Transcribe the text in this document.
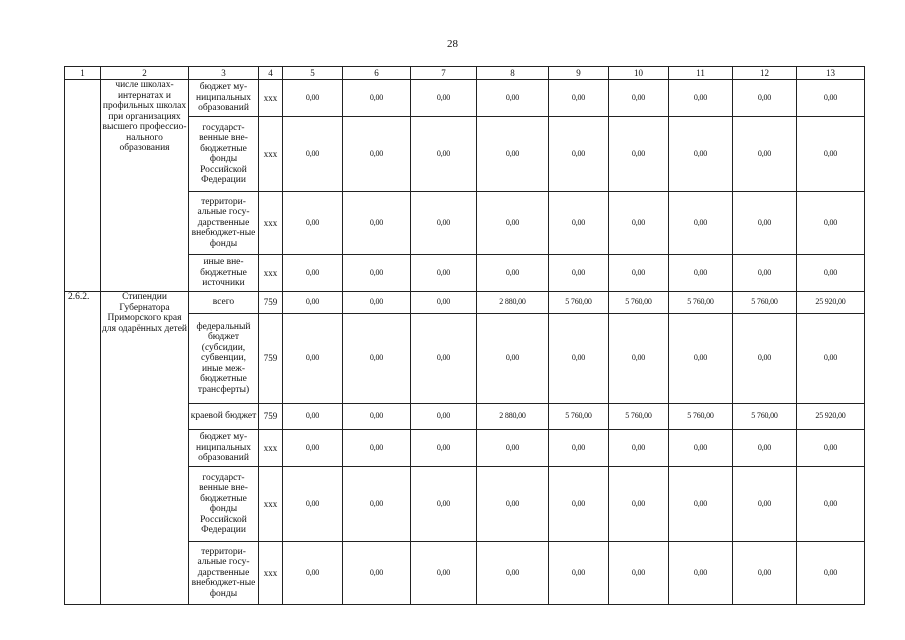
28
1	2	3	4	5	6	7	8	9	10	11	12	13
	числе школах-интернатах и профильных школах при организациях высшего профессио-нального образования	бюджет му-ниципальных образований	ххх	0,00	0,00	0,00	0,00	0,00	0,00	0,00	0,00	0,00
		государст-венные вне-бюджетные фонды Российской Федерации	ххх	0,00	0,00	0,00	0,00	0,00	0,00	0,00	0,00	0,00
		территори-альные госу-дарственные внебюджет-ные фонды	ххх	0,00	0,00	0,00	0,00	0,00	0,00	0,00	0,00	0,00
		иные вне-бюджетные источники	ххх	0,00	0,00	0,00	0,00	0,00	0,00	0,00	0,00	0,00
2.6.2.	Стипендии Губернатора Приморского края для одарённых детей	всего	759	0,00	0,00	0,00	2 880,00	5 760,00	5 760,00	5 760,00	5 760,00	25 920,00
		федеральный бюджет (субсидии, субвенции, иные меж-бюджетные трансферты)	759	0,00	0,00	0,00	0,00	0,00	0,00	0,00	0,00	0,00
		краевой бюджет	759	0,00	0,00	0,00	2 880,00	5 760,00	5 760,00	5 760,00	5 760,00	25 920,00
		бюджет му-ниципальных образований	ххх	0,00	0,00	0,00	0,00	0,00	0,00	0,00	0,00	0,00
		государст-венные вне-бюджетные фонды Российской Федерации	ххх	0,00	0,00	0,00	0,00	0,00	0,00	0,00	0,00	0,00
		территори-альные госу-дарственные внебюджет-ные фонды	ххх	0,00	0,00	0,00	0,00	0,00	0,00	0,00	0,00	0,00
